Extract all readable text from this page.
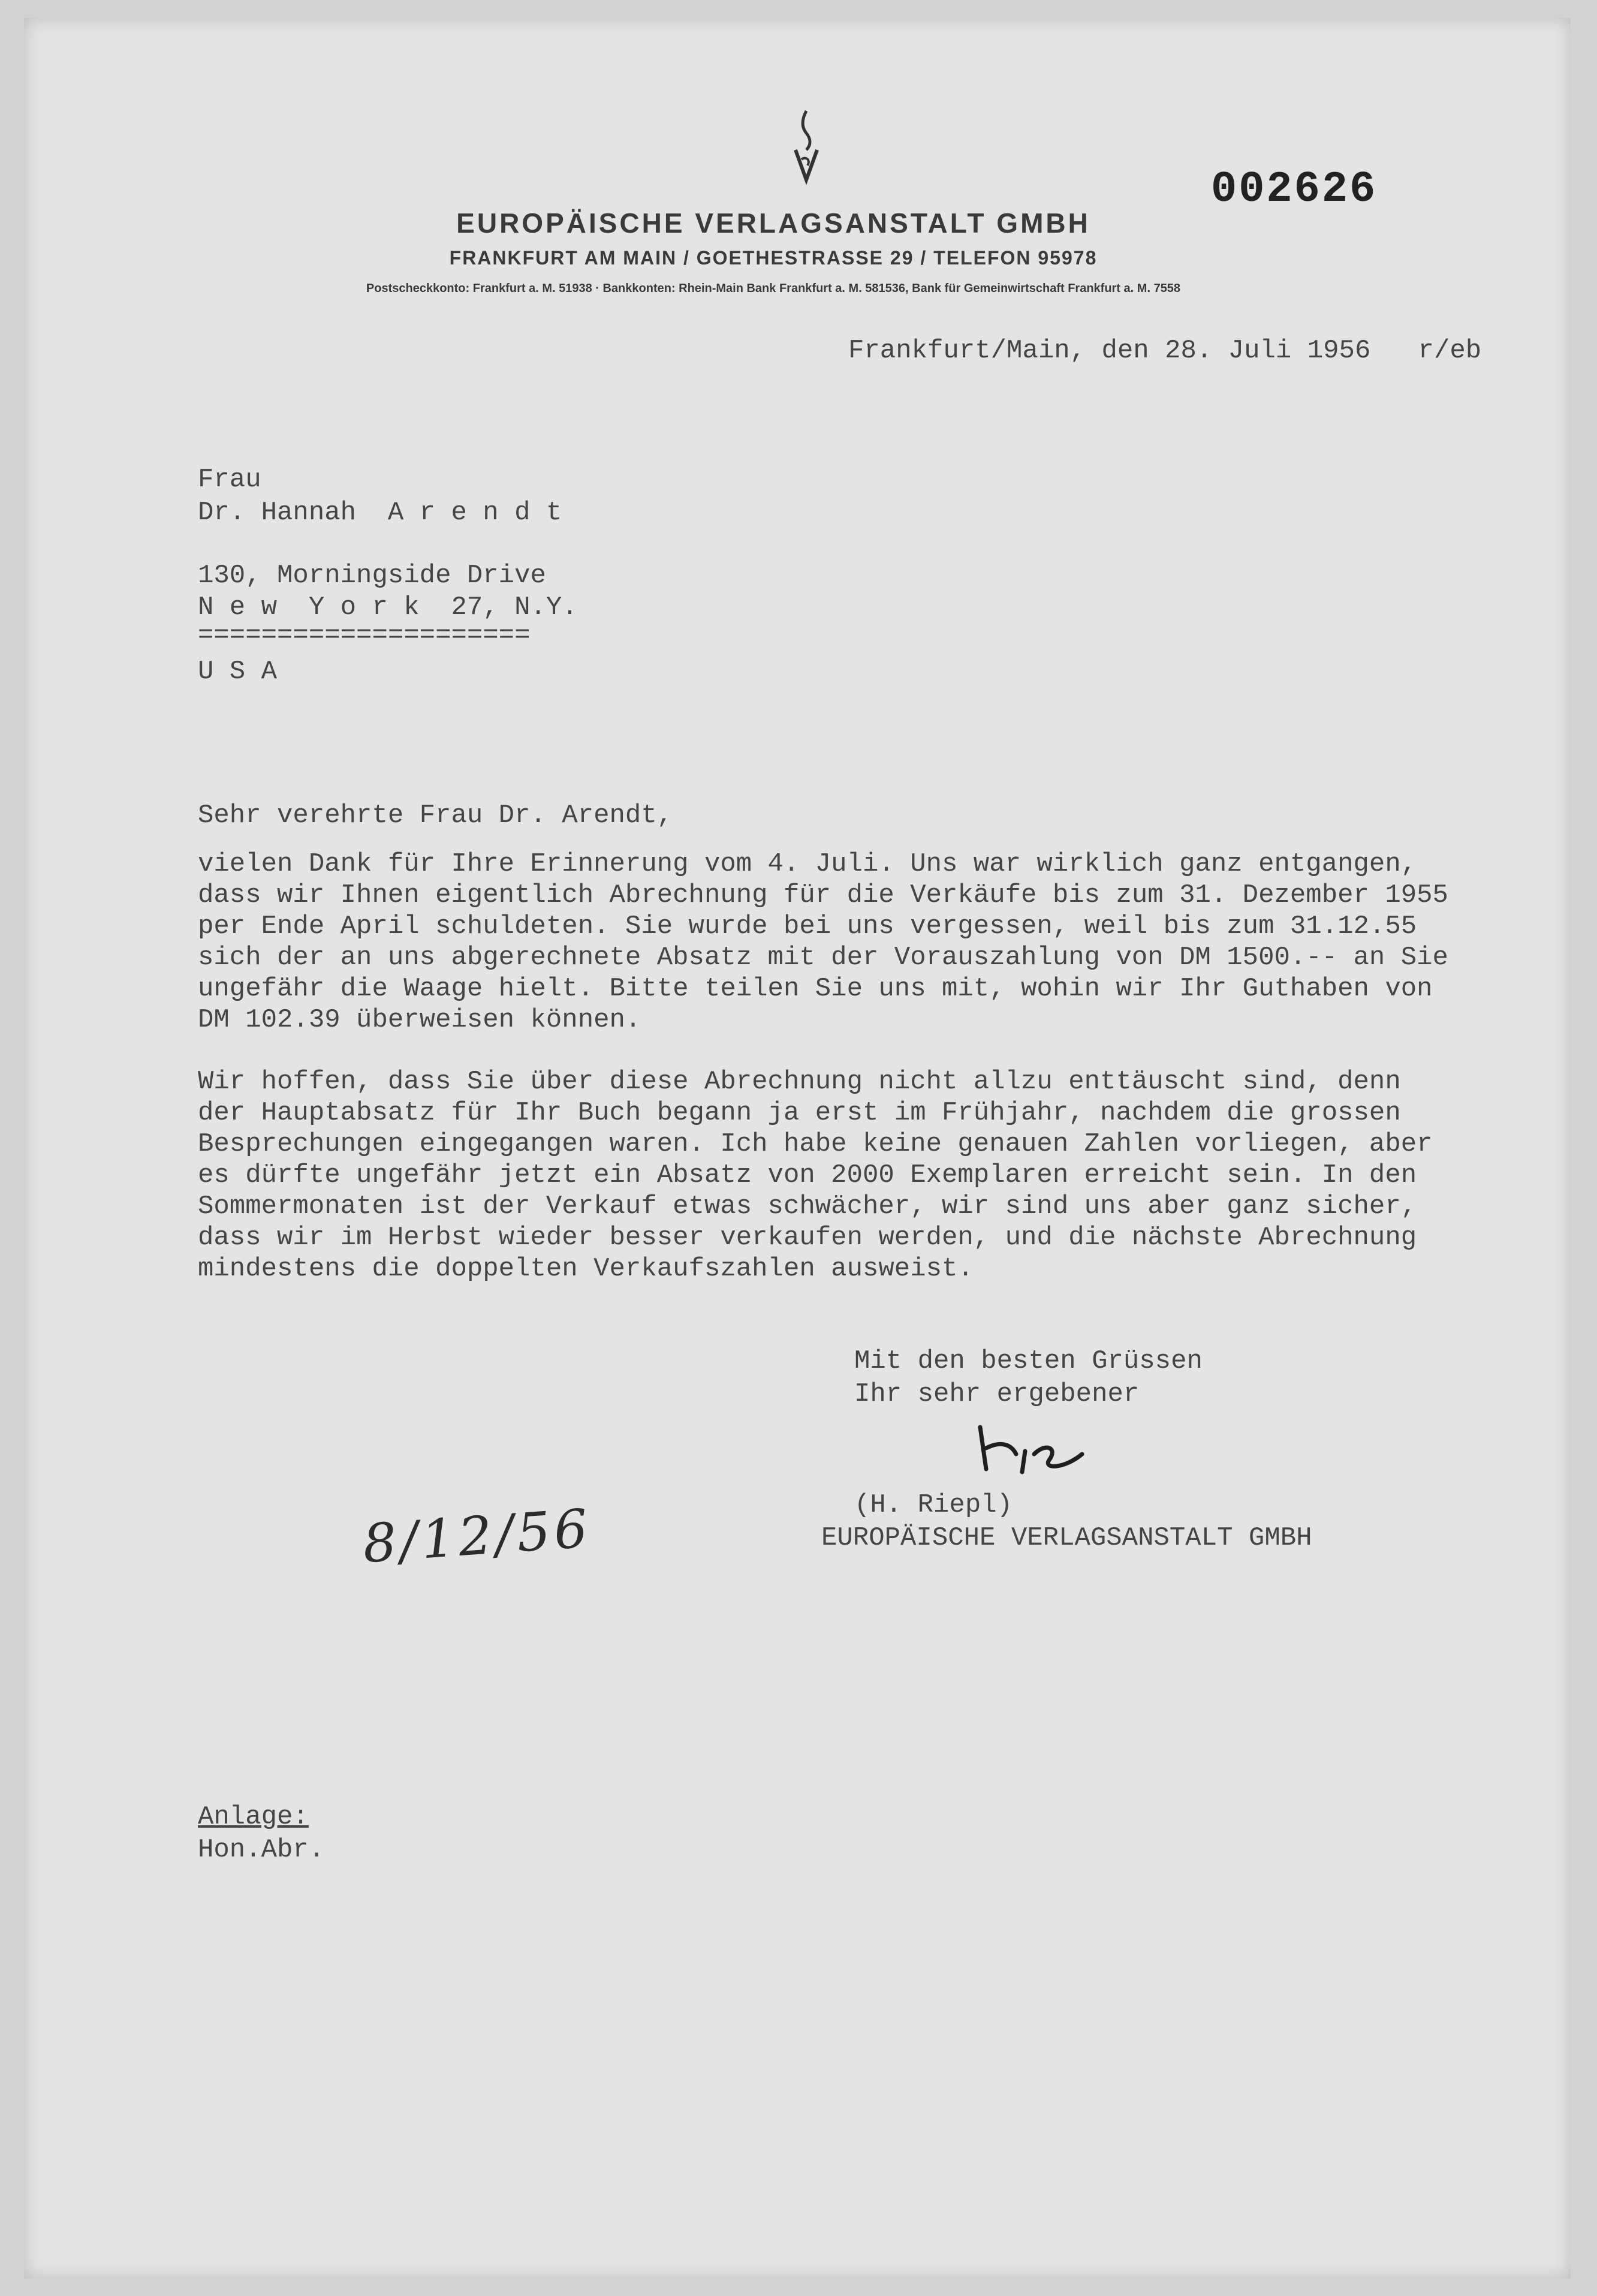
002626
EUROPÄISCHE VERLAGSANSTALT GMBH
FRANKFURT AM MAIN / GOETHESTRASSE 29 / TELEFON 95978
Postscheckkonto: Frankfurt a. M. 51938 · Bankkonten: Rhein-Main Bank Frankfurt a. M. 581536, Bank für Gemeinwirtschaft Frankfurt a. M. 7558
Frankfurt/Main, den 28. Juli 1956   r/eb
Frau
Dr. Hannah  A r e n d t
130, Morningside Drive
N e w  Y o r k  27, N.Y.
=====================
U S A
Sehr verehrte Frau Dr. Arendt,
vielen Dank für Ihre Erinnerung vom 4. Juli. Uns war wirklich ganz entgangen,
dass wir Ihnen eigentlich Abrechnung für die Verkäufe bis zum 31. Dezember 1955
per Ende April schuldeten. Sie wurde bei uns vergessen, weil bis zum 31.12.55
sich der an uns abgerechnete Absatz mit der Vorauszahlung von DM 1500.-- an Sie
ungefähr die Waage hielt. Bitte teilen Sie uns mit, wohin wir Ihr Guthaben von
DM 102.39 überweisen können.
Wir hoffen, dass Sie über diese Abrechnung nicht allzu enttäuscht sind, denn
der Hauptabsatz für Ihr Buch begann ja erst im Frühjahr, nachdem die grossen
Besprechungen eingegangen waren. Ich habe keine genauen Zahlen vorliegen, aber
es dürfte ungefähr jetzt ein Absatz von 2000 Exemplaren erreicht sein. In den
Sommermonaten ist der Verkauf etwas schwächer, wir sind uns aber ganz sicher,
dass wir im Herbst wieder besser verkaufen werden, und die nächste Abrechnung
mindestens die doppelten Verkaufszahlen ausweist.
Mit den besten Grüssen
Ihr sehr ergebener
(H. Riepl)
EUROPÄISCHE VERLAGSANSTALT GMBH
8/12/56
Anlage:
Hon.Abr.
